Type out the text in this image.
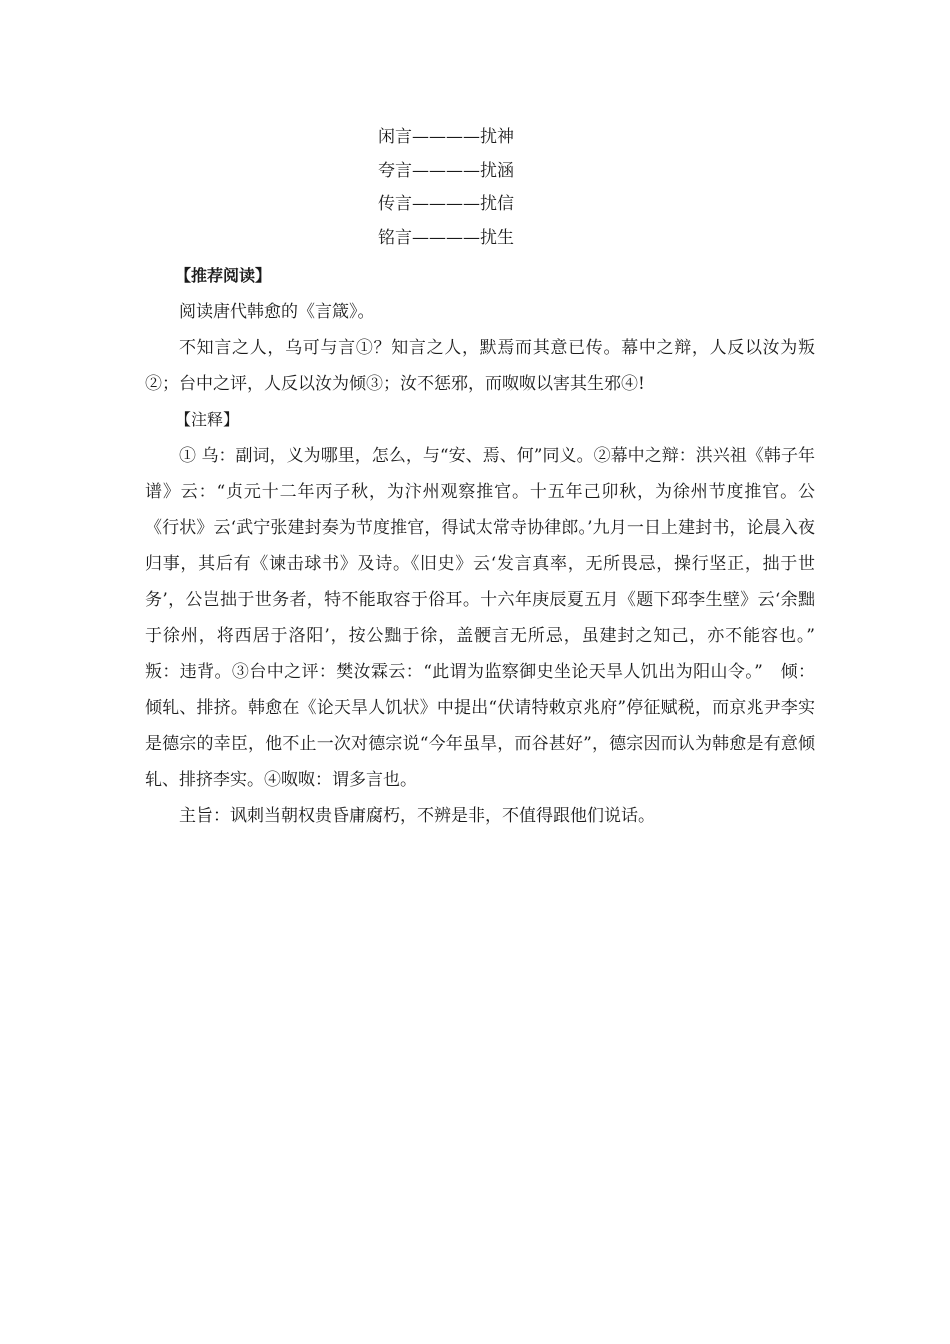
闲言————扰神
夸言————扰涵
传言————扰信
铭言————扰生

【推荐阅读】

阅读唐代韩愈的《言箴》。

不知言之人，乌可与言①？知言之人，默焉而其意已传。幕中之辩，人反以汝为叛②；台中之评，人反以汝为倾③；汝不惩邪，而呶呶以害其生邪④!

【注释】

① 乌：副词，义为哪里，怎么，与“安、焉、何”同义。②幕中之辩：洪兴祖《韩子年谱》云：“贞元十二年丙子秋，为汴州观察推官。十五年己卯秋，为徐州节度推官。公《行状》云‘武宁张建封奏为节度推官，得试太常寺协律郎。’九月一日上建封书，论晨入夜归事，其后有《谏击球书》及诗。《旧史》云‘发言真率，无所畏忌，操行坚正，拙于世务’，公岂拙于世务者，特不能取容于俗耳。十六年庚辰夏五月《题下邳李生壁》云‘余黜于徐州，将西居于洛阳’，按公黜于徐，盖骾言无所忌，虽建封之知己，亦不能容也。”　叛：违背。③台中之评：樊汝霖云：“此谓为监察御史坐论天旱人饥出为阳山令。”　倾：倾轧、排挤。韩愈在《论天旱人饥状》中提出“伏请特敕京兆府”停征赋税，而京兆尹李实是德宗的幸臣，他不止一次对德宗说“今年虽旱，而谷甚好”，德宗因而认为韩愈是有意倾轧、排挤李实。④呶呶：谓多言也。

主旨：讽刺当朝权贵昏庸腐朽，不辨是非，不值得跟他们说话。
